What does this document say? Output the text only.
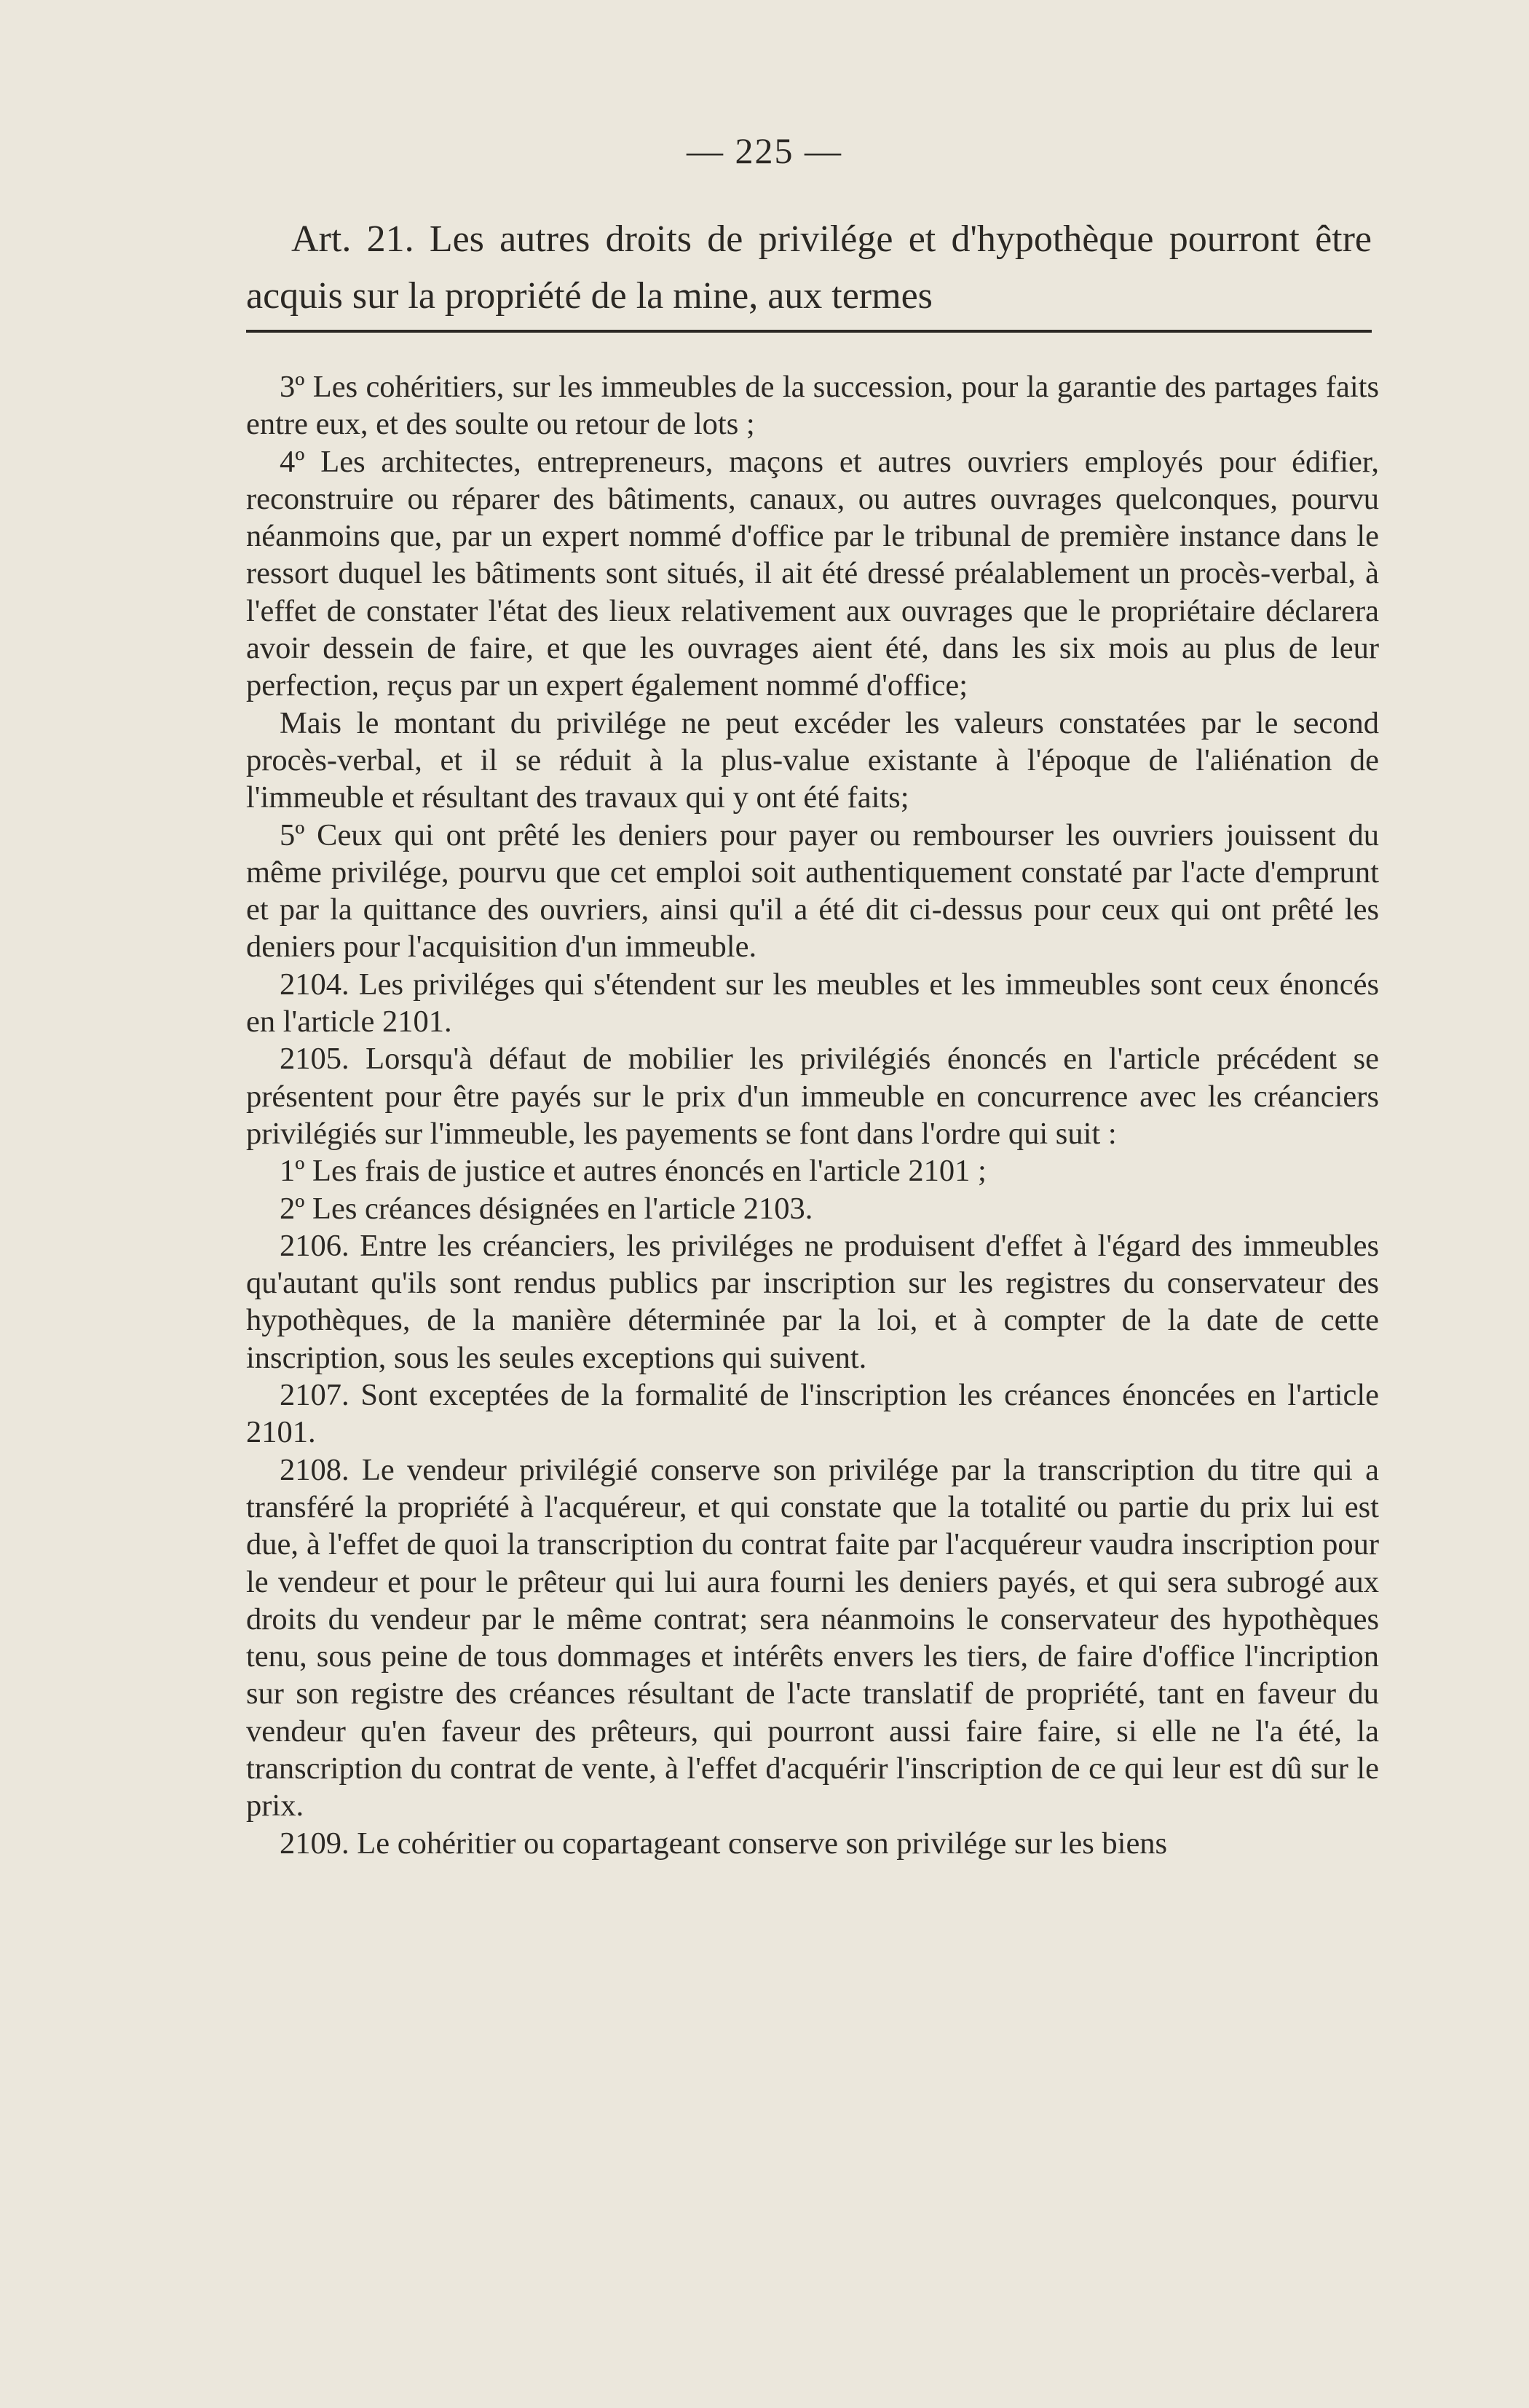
— 225 —

Art. 21. Les autres droits de privilége et d'hypothèque pourront être acquis sur la propriété de la mine, aux termes

3º Les cohéritiers, sur les immeubles de la succession, pour la garantie des partages faits entre eux, et des soulte ou retour de lots ;

4º Les architectes, entrepreneurs, maçons et autres ouvriers employés pour édifier, reconstruire ou réparer des bâtiments, canaux, ou autres ouvrages quelconques, pourvu néanmoins que, par un expert nommé d'office par le tribunal de première instance dans le ressort duquel les bâtiments sont situés, il ait été dressé préalablement un procès-verbal, à l'effet de constater l'état des lieux relativement aux ouvrages que le propriétaire déclarera avoir dessein de faire, et que les ouvrages aient été, dans les six mois au plus de leur perfection, reçus par un expert également nommé d'office;

Mais le montant du privilége ne peut excéder les valeurs constatées par le second procès-verbal, et il se réduit à la plus-value existante à l'époque de l'aliénation de l'immeuble et résultant des travaux qui y ont été faits;

5º Ceux qui ont prêté les deniers pour payer ou rembourser les ouvriers jouissent du même privilége, pourvu que cet emploi soit authentiquement constaté par l'acte d'emprunt et par la quittance des ouvriers, ainsi qu'il a été dit ci-dessus pour ceux qui ont prêté les deniers pour l'acquisition d'un immeuble.

2104. Les priviléges qui s'étendent sur les meubles et les immeubles sont ceux énoncés en l'article 2101.

2105. Lorsqu'à défaut de mobilier les privilégiés énoncés en l'article précédent se présentent pour être payés sur le prix d'un immeuble en concurrence avec les créanciers privilégiés sur l'immeuble, les payements se font dans l'ordre qui suit :

1º Les frais de justice et autres énoncés en l'article 2101 ;

2º Les créances désignées en l'article 2103.

2106. Entre les créanciers, les priviléges ne produisent d'effet à l'égard des immeubles qu'autant qu'ils sont rendus publics par inscription sur les registres du conservateur des hypothèques, de la manière déterminée par la loi, et à compter de la date de cette inscription, sous les seules exceptions qui suivent.

2107. Sont exceptées de la formalité de l'inscription les créances énoncées en l'article 2101.

2108. Le vendeur privilégié conserve son privilége par la transcription du titre qui a transféré la propriété à l'acquéreur, et qui constate que la totalité ou partie du prix lui est due, à l'effet de quoi la transcription du contrat faite par l'acquéreur vaudra inscription pour le vendeur et pour le prêteur qui lui aura fourni les deniers payés, et qui sera subrogé aux droits du vendeur par le même contrat; sera néanmoins le conservateur des hypothèques tenu, sous peine de tous dommages et intérêts envers les tiers, de faire d'office l'incription sur son registre des créances résultant de l'acte translatif de propriété, tant en faveur du vendeur qu'en faveur des prêteurs, qui pourront aussi faire faire, si elle ne l'a été, la transcription du contrat de vente, à l'effet d'acquérir l'inscription de ce qui leur est dû sur le prix.

2109. Le cohéritier ou copartageant conserve son privilége sur les biens
